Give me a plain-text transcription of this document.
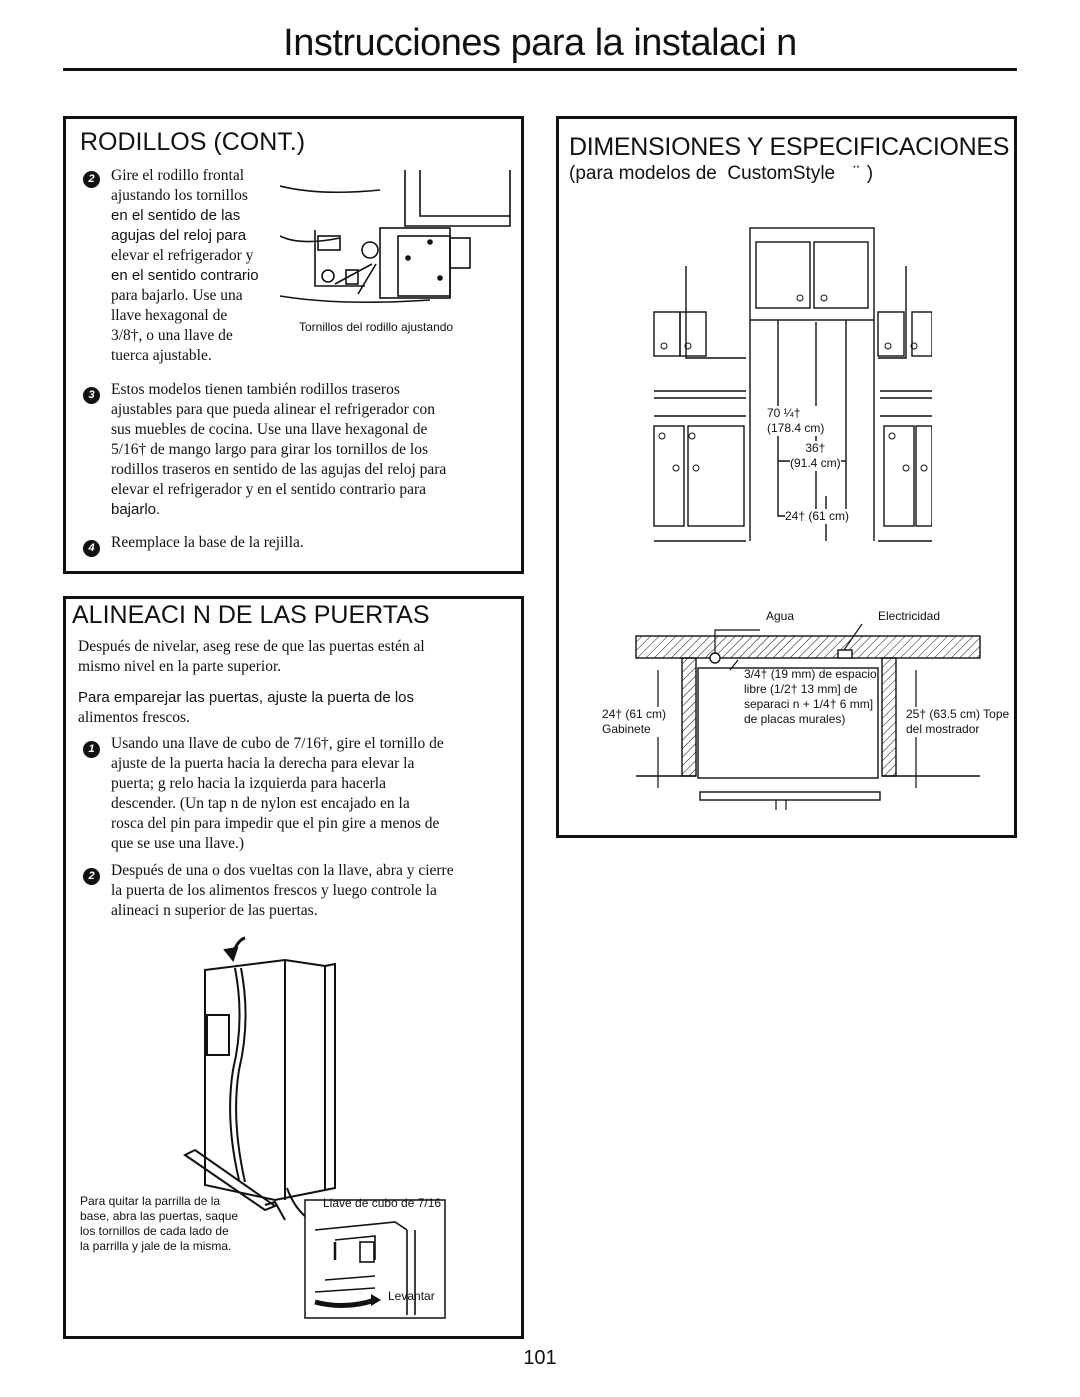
Instrucciones para la instalaci n
RODILLOS (CONT.)
2	Gire el rodillo frontal
ajustando los tornillos
en el sentido de las
agujas del reloj para
elevar el refrigerador y
en el sentido contrario
para bajarlo. Use una
llave hexagonal de
3/8†, o una llave de
tuerca ajustable.
Tornillos del rodillo ajustando
3	Estos modelos tienen también rodillos traseros
ajustables para que pueda alinear el refrigerador con
sus muebles de cocina. Use una llave hexagonal de
5/16† de mango largo para girar los tornillos de los
rodillos traseros en sentido de las agujas del reloj para
elevar el refrigerador y en el sentido contrario para
bajarlo.
4	Reemplace la base de la rejilla.
ALINEACI N DE LAS PUERTAS
Después de nivelar, aseg rese de que las puertas estén al
mismo nivel en la parte superior.
Para emparejar las puertas, ajuste la puerta de los
alimentos frescos.
1	Usando una llave de cubo de 7/16†, gire el tornillo de
ajuste de la puerta hacia la derecha para elevar la
puerta; g relo hacia la izquierda para hacerla
descender. (Un tap n de nylon est encajado en la
rosca del pin para impedir que el pin gire a menos de
que se use una llave.)
2	Después de una o dos vueltas con la llave, abra y cierre
la puerta de los alimentos frescos y luego controle la
alineaci n superior de las puertas.
Para quitar la parrilla de la
base, abra las puertas, saque
los tornillos de cada lado de
la parrilla y jale de la misma.
Llave de cubo de 7/16
Levantar
DIMENSIONES Y ESPECIFICACIONES
(para modelos de  CustomStyle    ̈  )
70 ¼†
(178.4 cm)
36†
(91.4 cm)
24† (61 cm)
Agua	Electricidad
3/4† (19 mm) de espacio
libre (1/2† 13 mm] de
separaci n + 1/4† 6 mm]
de placas murales)
24† (61 cm)
Gabinete
25† (63.5 cm) Tope
del mostrador
101
